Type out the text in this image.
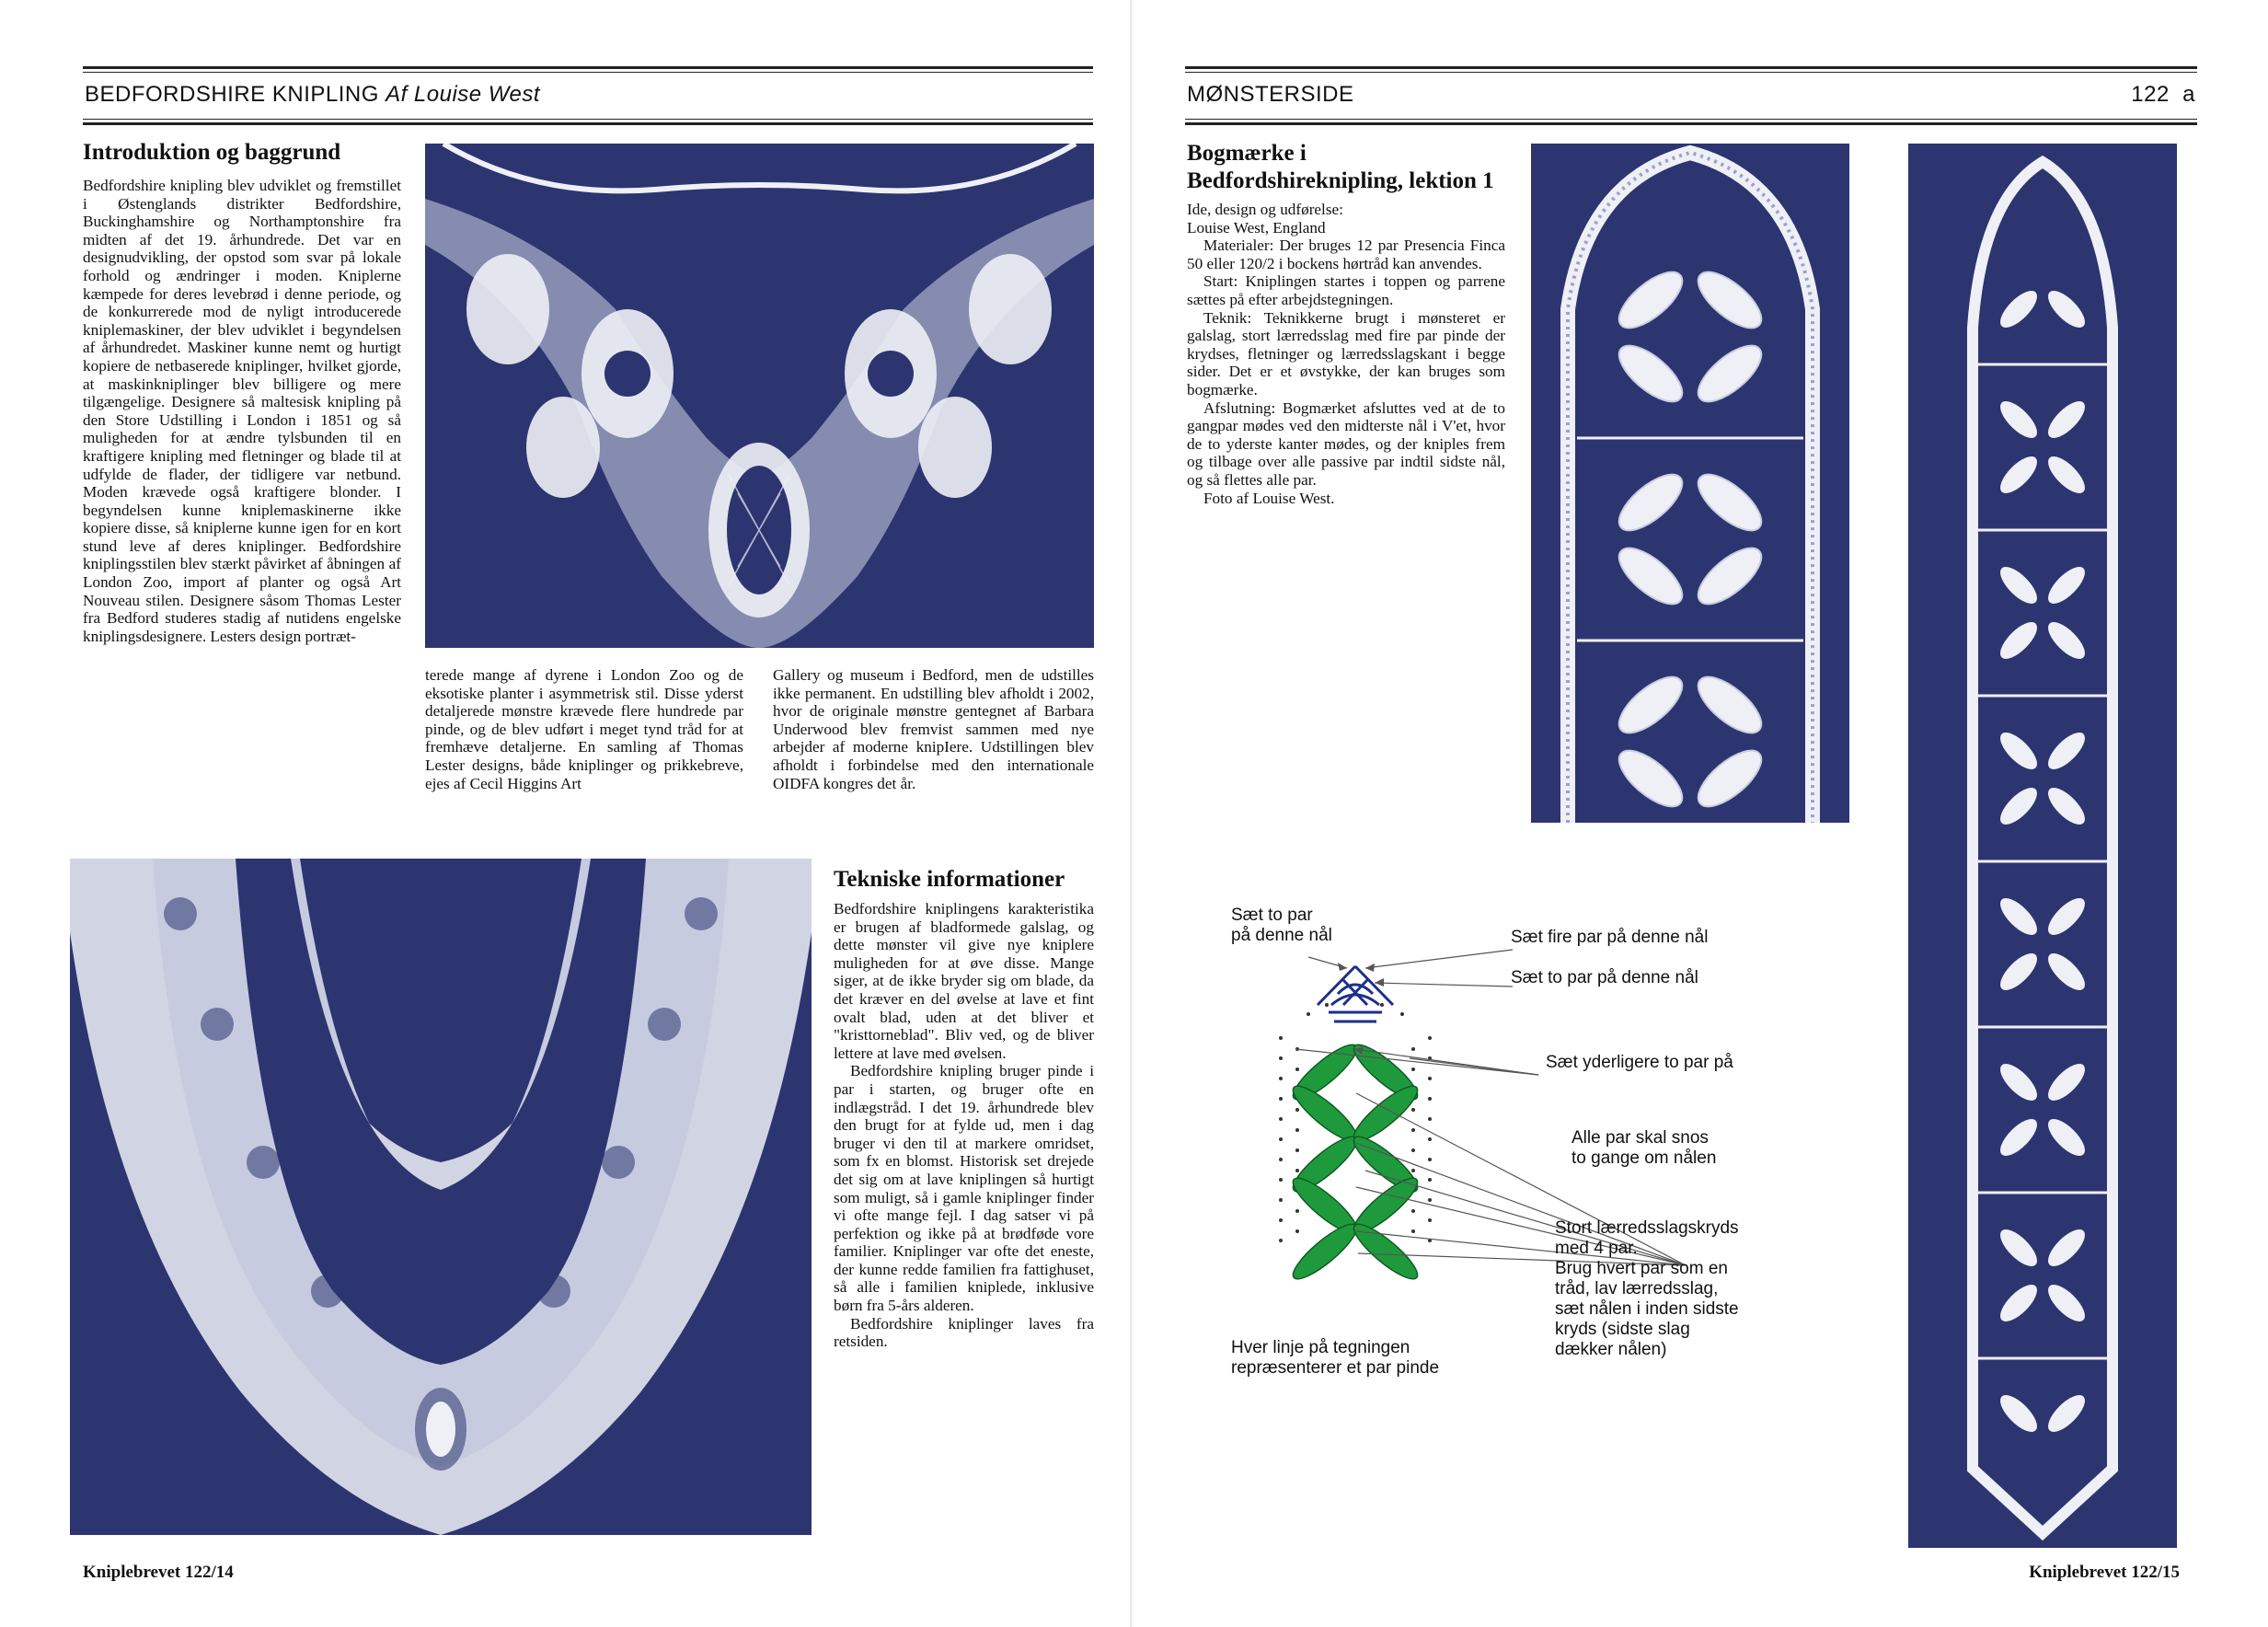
BEDFORDSHIRE KNIPLING Af Louise West
Introduktion og baggrund

Bedfordshire knipling blev udviklet og fremstillet i Østenglands distrikter Bedfordshire, Buckinghamshire og Northamptonshire fra midten af det 19. århundrede. Det var en designudvikling, der opstod som svar på lokale forhold og ændringer i moden. Kniplerne kæmpede for deres levebrød i denne periode, og de konkurrerede mod de nyligt introducerede kniplemaskiner, der blev udviklet i begyndelsen af århundredet. Maskiner kunne nemt og hurtigt kopiere de netbaserede kniplinger, hvilket gjorde, at maskinkniplinger blev billigere og mere tilgængelige. Designere så maltesisk knipling på den Store Udstilling i London i 1851 og så muligheden for at ændre tylsbunden til en kraftigere knipling med fletninger og blade til at udfylde de flader, der tidligere var netbund. Moden krævede også kraftigere blonder. I begyndelsen kunne kniplemaskinerne ikke kopiere disse, så kniplerne kunne igen for en kort stund leve af deres kniplinger. Bedfordshire kniplingsstilen blev stærkt påvirket af åbningen af London Zoo, import af planter og også Art Nouveau stilen. Designere såsom Thomas Lester fra Bedford studeres stadig af nutidens engelske kniplingsdesignere. Lesters design portræt-

terede mange af dyrene i London Zoo og de eksotiske planter i asymmetrisk stil. Disse yderst detaljerede mønstre krævede flere hundrede par pinde, og de blev udført i meget tynd tråd for at fremhæve detaljerne. En samling af Thomas Lester designs, både kniplinger og prikkebreve, ejes af Cecil Higgins Art

Gallery og museum i Bedford, men de udstilles ikke permanent. En udstilling blev afholdt i 2002, hvor de originale mønstre gentegnet af Barbara Underwood blev fremvist sammen med nye arbejder af moderne knipIere. Udstillingen blev afholdt i forbindelse med den internationale OIDFA kongres det år.

Tekniske informationer

Bedfordshire kniplingens karakteristika er brugen af bladformede galslag, og dette mønster vil give nye kniplere muligheden for at øve disse. Mange siger, at de ikke bryder sig om blade, da det kræver en del øvelse at lave et fint ovalt blad, uden at det bliver et "kristtornеblad". Bliv ved, og de bliver lettere at lave med øvelsen.

Bedfordshire knipling bruger pinde i par i starten, og bruger ofte en indlægstråd. I det 19. århundrede blev den brugt for at fylde ud, men i dag bruger vi den til at markere omridset, som fx en blomst. Historisk set drejede det sig om at lave kniplingen så hurtigt som muligt, så i gamle kniplinger finder vi ofte mange fejl. I dag satser vi på perfektion og ikke på at brødføde vore familier. Kniplinger var ofte det eneste, der kunne redde familien fra fattighuset, så alle i familien kniplede, inklusive børn fra 5-års alderen.

Bedfordshire kniplinger laves fra retsiden.

Kniplebrevet 122/14
MØNSTERSIDE	122 a
Bogmærke i
Bedfordshireknipling, lektion 1

Ide, design og udførelse:

Louise West, England

Materialer: Der bruges 12 par Presencia Finca 50 eller 120/2 i bockens hørtråd kan anvendes.

Start: Kniplingen startes i toppen og parrene sættes på efter arbejdstegningen.

Teknik: Teknikkerne brugt i mønsteret er galslag, stort lærredsslag med fire par pinde der krydses, fletninger og lærredsslagskant i begge sider. Det er et øvstykke, der kan bruges som bogmærke.

Afslutning: Bogmærket afsluttes ved at de to gangpar mødes ved den midterste nål i V'et, hvor de to yderste kanter mødes, og der kniples frem og tilbage over alle passive par indtil sidste nål, og så flettes alle par.

Foto af Louise West.

Sæt to par
på denne nål	Sæt fire par på denne nål
Sæt to par på denne nål
Sæt yderligere to par på
Alle par skal snos
to gange om nålen
Stort lærredsslagskryds
med 4 par.
Brug hvert par som en
tråd, lav lærredsslag,
sæt nålen i inden sidste
kryds (sidste slag
dækker nålen)
Hver linje på tegningen
repræsenterer et par pinde
Kniplebrevet 122/15
